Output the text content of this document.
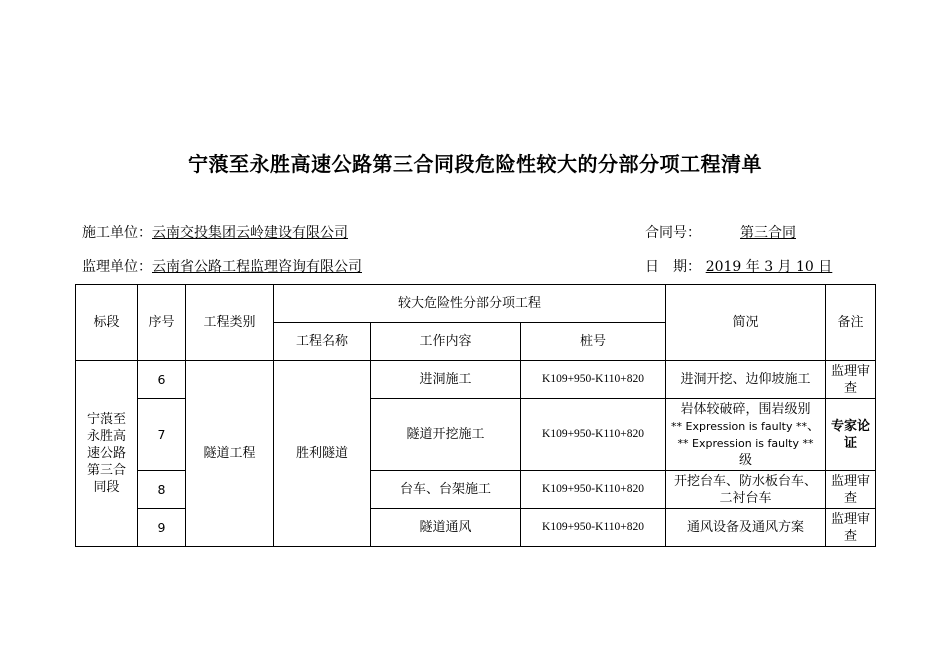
宁蒗至永胜高速公路第三合同段危险性较大的分部分项工程清单
施工单位：云南交投集团云岭建设有限公司	合同号：	第三合同
监理单位：云南省公路工程监理咨询有限公司	日　期： 2019 年 3 月 10 日
标段	序号	工程类别	较大危险性分部分项工程			简况	备注
			工程名称	工作内容	桩号		
宁蒗至永胜高速公路第三合同段	6	隧道工程	胜利隧道	进洞施工	K109+950-K110+820	进洞开挖、边仰坡施工	监理审查
	7			隧道开挖施工	K109+950-K110+820	岩体较破碎，围岩级别
** Expression is faulty **、
** Expression is faulty **
级	专家论证
	8			台车、台架施工	K109+950-K110+820	开挖台车、防水板台车、二衬台车	监理审查
	9			隧道通风	K109+950-K110+820	通风设备及通风方案	监理审查
